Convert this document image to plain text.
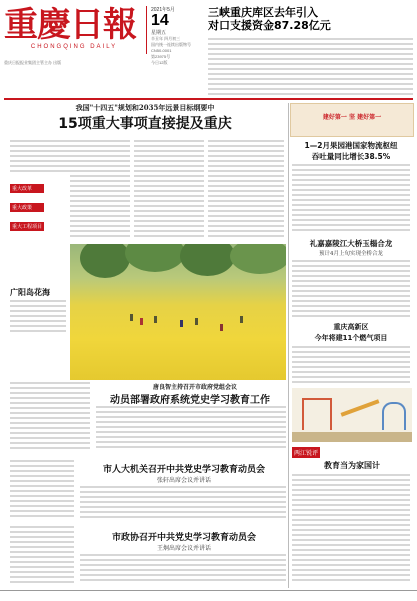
重慶日報
CHONGQING DAILY
重庆日报报业集团主管主办 出版
2021年5月
14
星期五
辛丑年 四月初三
国内统一连续出版物号
CN50-0001
第23975号
今日12版
三峡重庆库区去年引入
对口支援资金87.28亿元
我国"十四五"规划和2035年远景目标纲要中
15项重大事项直接提及重庆
重大改革
重大政策
重大工程项目
广阳岛花海
唐良智主持召开市政府党组会议
动员部署政府系统党史学习教育工作
市人大机关召开中共党史学习教育动员会
张轩出席会议并讲话
市政协召开中共党史学习教育动员会
王炯出席会议并讲话
建好第一 坚 建好第一
1—2月果园港国家物流枢纽
吞吐量同比增长38.5%
礼嘉嘉陵江大桥玉榻合龙
预计4月上旬实现全桥合龙
重庆高新区
今年将建11个燃气项目
两江锐评
教育当为家国计
